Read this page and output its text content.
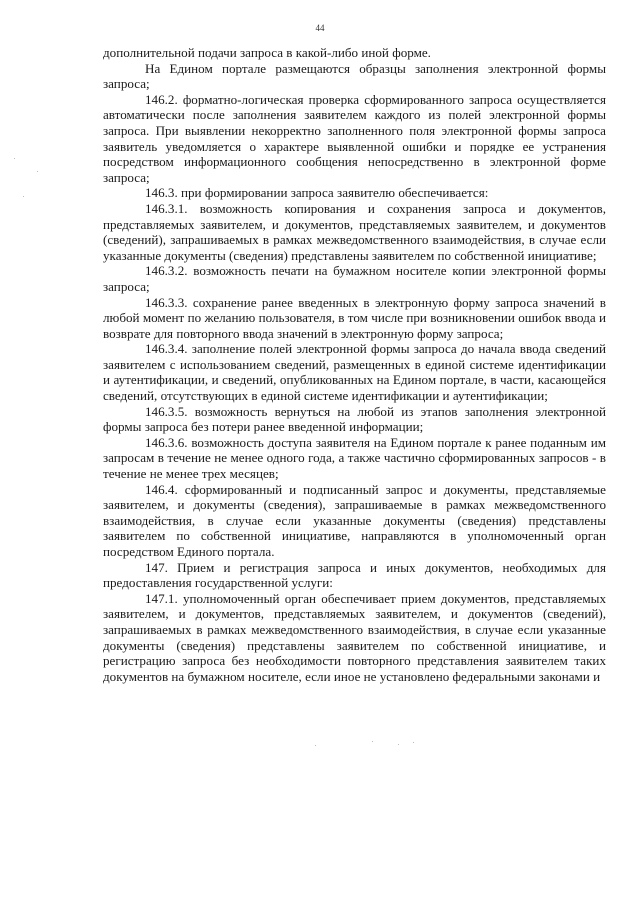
44

дополнительной подачи запроса в какой-либо иной форме.

На Едином портале размещаются образцы заполнения электронной формы запроса;

146.2. форматно-логическая проверка сформированного запроса осуществляется автоматически после заполнения заявителем каждого из полей электронной формы запроса. При выявлении некорректно заполненного поля электронной формы запроса заявитель уведомляется о характере выявленной ошибки и порядке ее устранения посредством информационного сообщения непосредственно в электронной форме запроса;

146.3. при формировании запроса заявителю обеспечивается:

146.3.1. возможность копирования и сохранения запроса и документов, представляемых заявителем, и документов, представляемых заявителем, и документов (сведений), запрашиваемых в рамках межведомственного взаимодействия, в случае если указанные документы (сведения) представлены заявителем по собственной инициативе;

146.3.2. возможность печати на бумажном носителе копии электронной формы запроса;

146.3.3. сохранение ранее введенных в электронную форму запроса значений в любой момент по желанию пользователя, в том числе при возникновении ошибок ввода и возврате для повторного ввода значений в электронную форму запроса;

146.3.4. заполнение полей электронной формы запроса до начала ввода сведений заявителем с использованием сведений, размещенных в единой системе идентификации и аутентификации, и сведений, опубликованных на Едином портале, в части, касающейся сведений, отсутствующих в единой системе идентификации и аутентификации;

146.3.5. возможность вернуться на любой из этапов заполнения электронной формы запроса без потери ранее введенной информации;

146.3.6. возможность доступа заявителя на Едином портале к ранее поданным им запросам в течение не менее одного года, а также частично сформированных запросов - в течение не менее трех месяцев;

146.4. сформированный и подписанный запрос и документы, представляемые заявителем, и документы (сведения), запрашиваемые в рамках межведомственного взаимодействия, в случае если указанные документы (сведения) представлены заявителем по собственной инициативе, направляются в уполномоченный орган посредством Единого портала.

147. Прием и регистрация запроса и иных документов, необходимых для предоставления государственной услуги:

147.1. уполномоченный орган обеспечивает прием документов, представляемых заявителем, и документов, представляемых заявителем, и документов (сведений), запрашиваемых в рамках межведомственного взаимодействия, в случае если указанные документы (сведения) представлены заявителем по собственной инициативе, и регистрацию запроса без необходимости повторного представления заявителем таких документов на бумажном носителе, если иное не установлено федеральными законами и
